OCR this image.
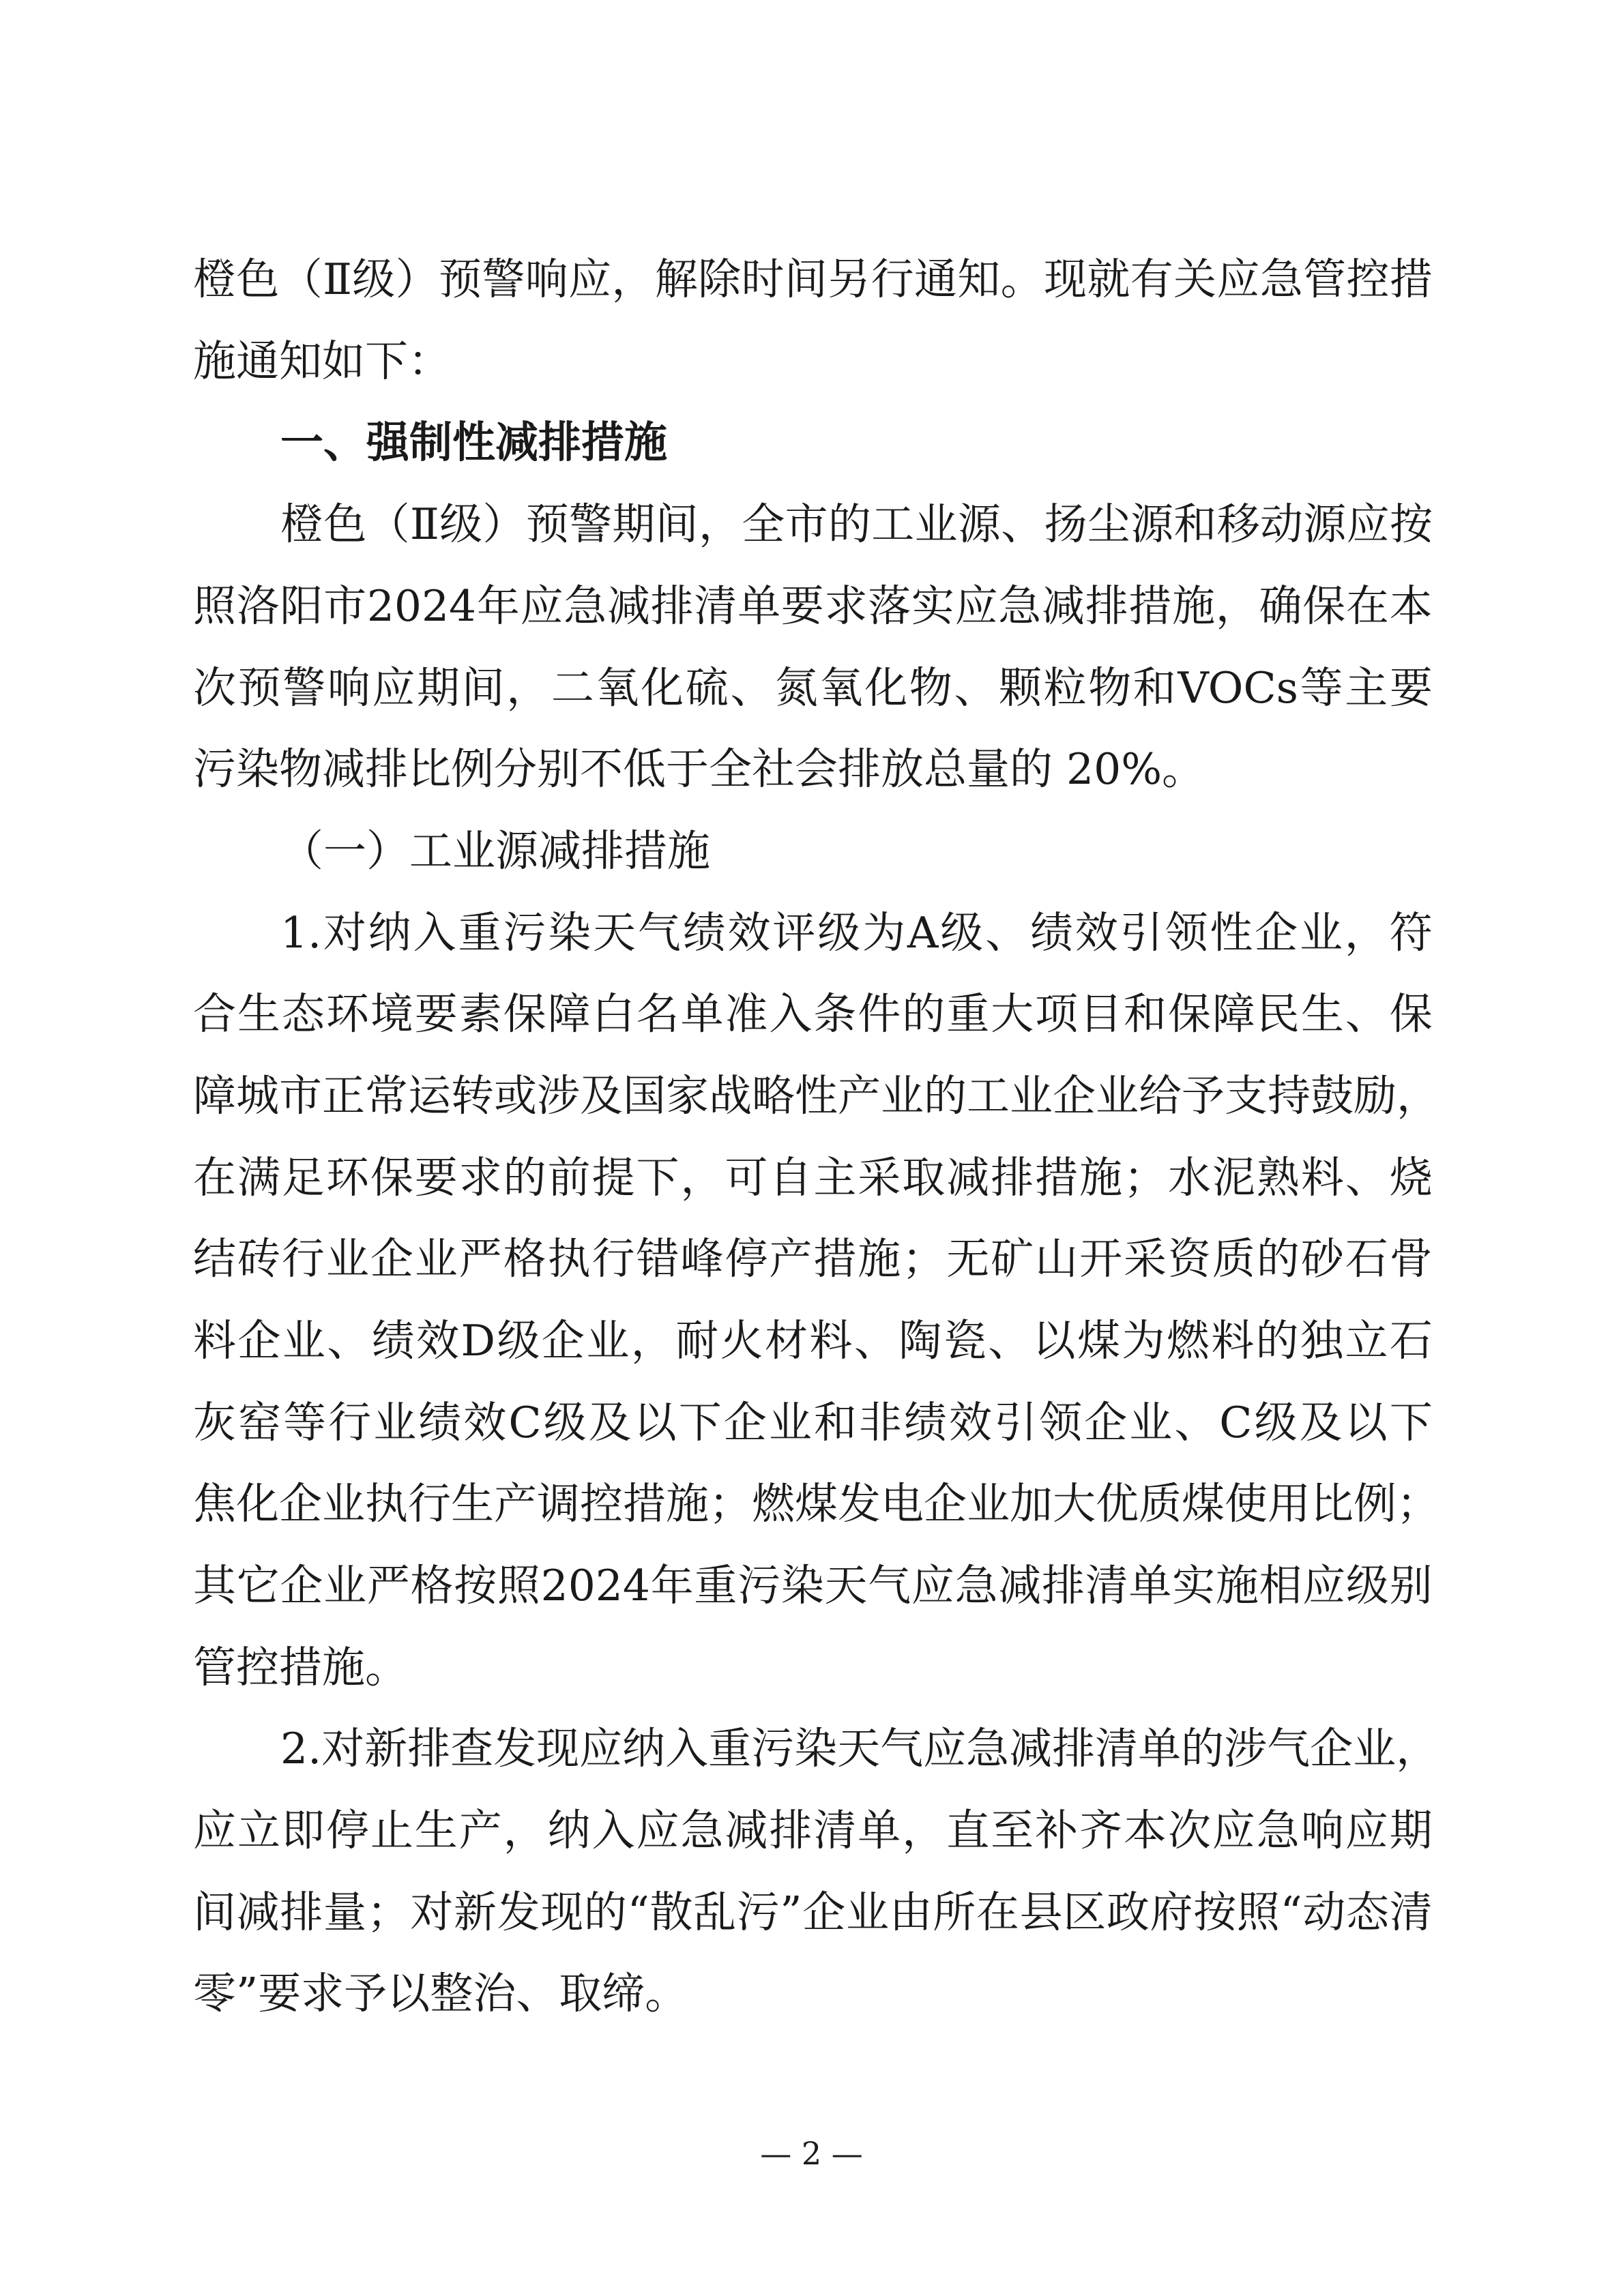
橙 色 （ Ⅱ 级 ） 预 警 响 应 ， 解 除 时 间 另 行 通 知 。 现 就 有 关 应 急 管 控 措
施通知如下：
一、强制性减排措施
橙 色 （ Ⅱ 级 ） 预 警 期 间 ， 全 市 的 工 业 源 、 扬 尘 源 和 移 动 源 应 按
照 洛 阳 市 2024 年 应 急 减 排 清 单 要 求 落 实 应 急 减 排 措 施 ， 确 保 在 本
次 预 警 响 应 期 间 ， 二 氧 化 硫 、 氮 氧 化 物 、 颗 粒 物 和 VOCs 等 主 要
污染物减排比例分别不低于全社会排放总量的 20%。
（一）工业源减排措施
1. 对 纳 入 重 污 染 天 气 绩 效 评 级 为 A 级 、 绩 效 引 领 性 企 业 ， 符
合 生 态 环 境 要 素 保 障 白 名 单 准 入 条 件 的 重 大 项 目 和 保 障 民 生 、 保
障 城 市 正 常 运 转 或 涉 及 国 家 战 略 性 产 业 的 工 业 企 业 给 予 支 持 鼓 励 ，
在 满 足 环 保 要 求 的 前 提 下 ， 可 自 主 采 取 减 排 措 施 ； 水 泥 熟 料 、 烧
结 砖 行 业 企 业 严 格 执 行 错 峰 停 产 措 施 ； 无 矿 山 开 采 资 质 的 砂 石 骨
料 企 业 、 绩 效 D 级 企 业 ， 耐 火 材 料 、 陶 瓷 、 以 煤 为 燃 料 的 独 立 石
灰 窑 等 行 业 绩 效 C 级 及 以 下 企 业 和 非 绩 效 引 领 企 业 、 C 级 及 以 下
焦 化 企 业 执 行 生 产 调 控 措 施 ； 燃 煤 发 电 企 业 加 大 优 质 煤 使 用 比 例 ；
其 它 企 业 严 格 按 照 2024 年 重 污 染 天 气 应 急 减 排 清 单 实 施 相 应 级 别
管控措施。
2. 对 新 排 查 发 现 应 纳 入 重 污 染 天 气 应 急 减 排 清 单 的 涉 气 企 业 ，
应 立 即 停 止 生 产 ， 纳 入 应 急 减 排 清 单 ， 直 至 补 齐 本 次 应 急 响 应 期
间 减 排 量 ； 对 新 发 现 的 “ 散 乱 污 ” 企 业 由 所 在 县 区 政 府 按 照 “ 动 态 清
零”要求予以整治、取缔。
— 2 —
